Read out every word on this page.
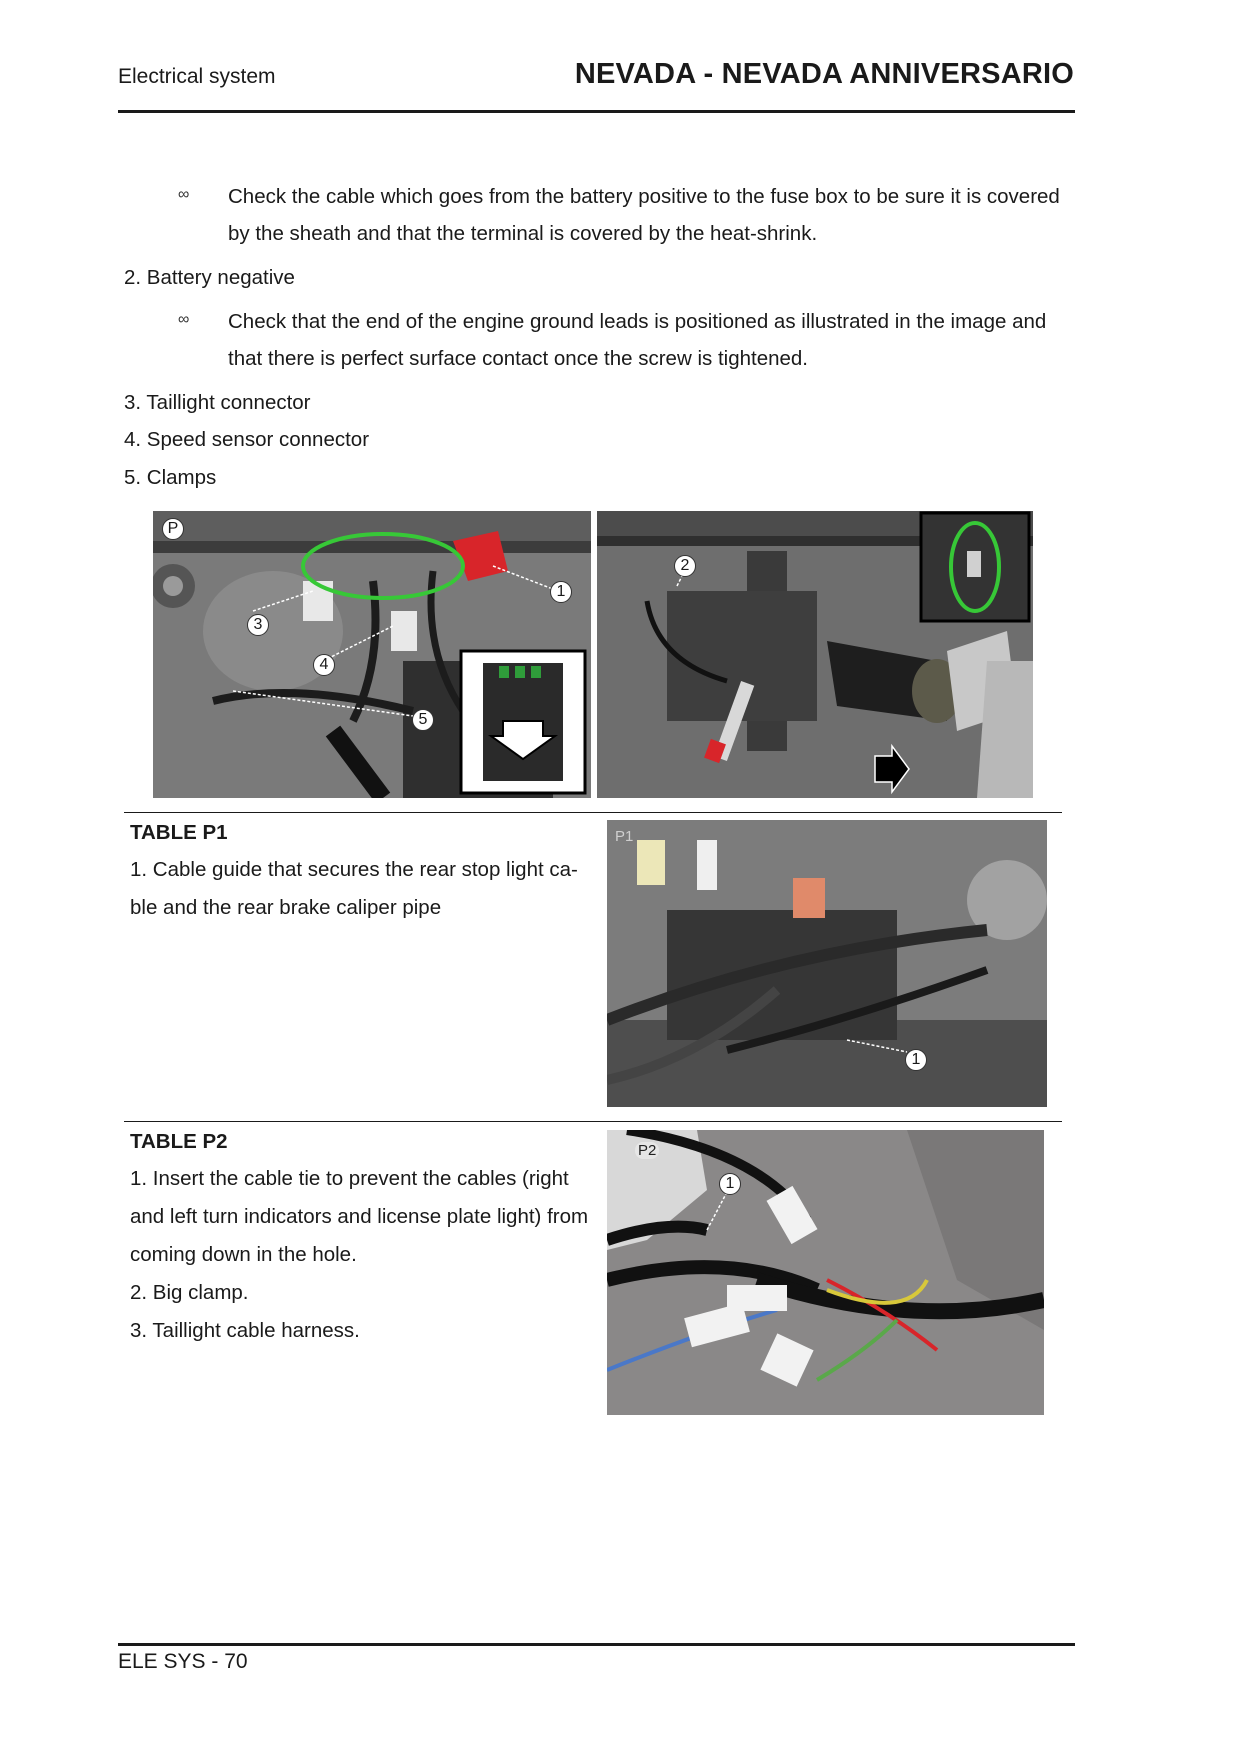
Electrical system	NEVADA - NEVADA ANNIVERSARIO
∞ Check the cable which goes from the battery positive to the fuse box to be sure it is covered
by the sheath and that the terminal is covered by the heat-shrink.
2. Battery negative
∞ Check that the end of the engine ground leads is positioned as illustrated in the image and
that there is perfect surface contact once the screw is tightened.
3. Taillight connector
4. Speed sensor connector
5. Clamps
P
1
3
4
5
2
TABLE P1
1. Cable guide that secures the rear stop light ca-
ble and the rear brake caliper pipe
P1
1
TABLE P2
1. Insert the cable tie to prevent the cables (right
and left turn indicators and license plate light) from
coming down in the hole.
2. Big clamp.
3. Taillight cable harness.
P2
1
ELE SYS - 70
